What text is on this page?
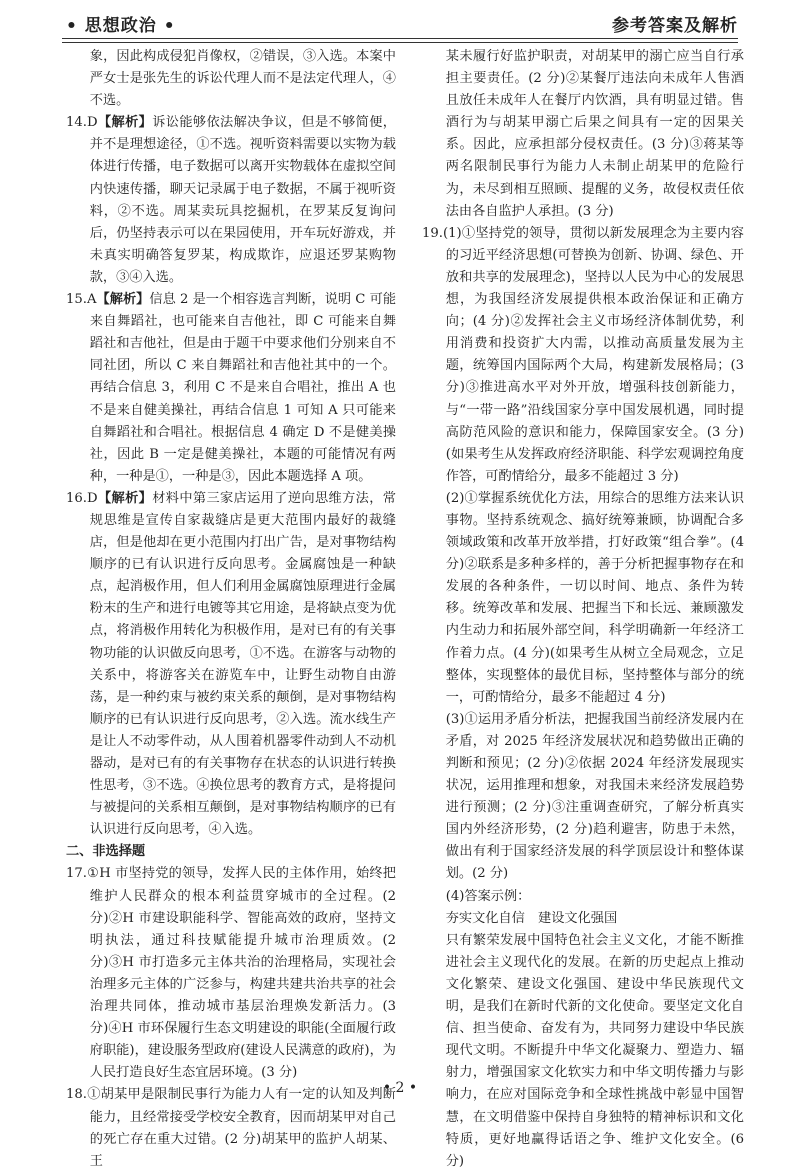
• 思想政治 •	参考答案及解析

象，因此构成侵犯肖像权，②错误，③入选。本案中严女士是张先生的诉讼代理人而不是法定代理人，④不选。

14.D【解析】诉讼能够依法解决争议，但是不够简便，并不是理想途径，①不选。视听资料需要以实物为载体进行传播，电子数据可以离开实物载体在虚拟空间内快速传播，聊天记录属于电子数据，不属于视听资料，②不选。周某卖玩具挖掘机，在罗某反复询问后，仍坚持表示可以在果园使用，开车玩好游戏，并未真实明确答复罗某，构成欺诈，应退还罗某购物款，③④入选。

15.A【解析】信息 2 是一个相容选言判断，说明 C 可能来自舞蹈社，也可能来自吉他社，即 C 可能来自舞蹈社和吉他社，但是由于题干中要求他们分别来自不同社团，所以 C 来自舞蹈社和吉他社其中的一个。再结合信息 3，利用 C 不是来自合唱社，推出 A 也不是来自健美操社，再结合信息 1 可知 A 只可能来自舞蹈社和合唱社。根据信息 4 确定 D 不是健美操社，因此 B 一定是健美操社，本题的可能情况有两种，一种是①，一种是③，因此本题选择 A 项。

16.D【解析】材料中第三家店运用了逆向思维方法，常规思维是宣传自家裁缝店是更大范围内最好的裁缝店，但是他却在更小范围内打出广告，是对事物结构顺序的已有认识进行反向思考。金属腐蚀是一种缺点，起消极作用，但人们利用金属腐蚀原理进行金属粉末的生产和进行电镀等其它用途，是将缺点变为优点，将消极作用转化为积极作用，是对已有的有关事物功能的认识做反向思考，①不选。在游客与动物的关系中，将游客关在游览车中，让野生动物自由游荡，是一种约束与被约束关系的颠倒，是对事物结构顺序的已有认识进行反向思考，②入选。流水线生产是让人不动零件动，从人围着机器零件动到人不动机器动，是对已有的有关事物存在状态的认识进行转换性思考，③不选。④换位思考的教育方式，是将提问与被提问的关系相互颠倒，是对事物结构顺序的已有认识进行反向思考，④入选。

二、非选择题

17.①H 市坚持党的领导，发挥人民的主体作用，始终把维护人民群众的根本利益贯穿城市的全过程。(2 分)②H 市建设职能科学、智能高效的政府，坚持文明执法，通过科技赋能提升城市治理质效。(2 分)③H 市打造多元主体共治的治理格局，实现社会治理多元主体的广泛参与，构建共建共治共享的社会治理共同体，推动城市基层治理焕发新活力。(3 分)④H 市环保履行生态文明建设的职能(全面履行政府职能)，建设服务型政府(建设人民满意的政府)，为人民打造良好生态宜居环境。(3 分)

18.①胡某甲是限制民事行为能力人有一定的认知及判断能力，且经常接受学校安全教育，因而胡某甲对自己的死亡存在重大过错。(2 分)胡某甲的监护人胡某、王

某未履行好监护职责，对胡某甲的溺亡应当自行承担主要责任。(2 分)②某餐厅违法向未成年人售酒且放任未成年人在餐厅内饮酒，具有明显过错。售酒行为与胡某甲溺亡后果之间具有一定的因果关系。因此，应承担部分侵权责任。(3 分)③蒋某等两名限制民事行为能力人未制止胡某甲的危险行为，未尽到相互照顾、提醒的义务，故侵权责任依法由各自监护人承担。(3 分)

19.(1)①坚持党的领导，贯彻以新发展理念为主要内容的习近平经济思想(可替换为创新、协调、绿色、开放和共享的发展理念)，坚持以人民为中心的发展思想，为我国经济发展提供根本政治保证和正确方向；(4 分)②发挥社会主义市场经济体制优势，利用消费和投资扩大内需，以推动高质量发展为主题，统筹国内国际两个大局，构建新发展格局；(3 分)③推进高水平对外开放，增强科技创新能力，与“一带一路”沿线国家分享中国发展机遇，同时提高防范风险的意识和能力，保障国家安全。(3 分)(如果考生从发挥政府经济职能、科学宏观调控角度作答，可酌情给分，最多不能超过 3 分)

(2)①掌握系统优化方法，用综合的思维方法来认识事物。坚持系统观念、搞好统筹兼顾，协调配合多领域政策和改革开放举措，打好政策“组合拳”。(4 分)②联系是多种多样的，善于分析把握事物存在和发展的各种条件，一切以时间、地点、条件为转移。统筹改革和发展、把握当下和长远、兼顾激发内生动力和拓展外部空间，科学明确新一年经济工作着力点。(4 分)(如果考生从树立全局观念，立足整体，实现整体的最优目标，坚持整体与部分的统一，可酌情给分，最多不能超过 4 分)

(3)①运用矛盾分析法，把握我国当前经济发展内在矛盾，对 2025 年经济发展状况和趋势做出正确的判断和预见；(2 分)②依据 2024 年经济发展现实状况，运用推理和想象，对我国未来经济发展趋势进行预测；(2 分)③注重调查研究，了解分析真实国内外经济形势，(2 分)趋利避害，防患于未然，做出有利于国家经济发展的科学顶层设计和整体谋划。(2 分)

(4)答案示例：

夯实文化自信　建设文化强国

只有繁荣发展中国特色社会主义文化，才能不断推进社会主义现代化的发展。在新的历史起点上推动文化繁荣、建设文化强国、建设中华民族现代文明，是我们在新时代新的文化使命。要坚定文化自信、担当使命、奋发有为，共同努力建设中华民族现代文明。不断提升中华文化凝聚力、塑造力、辐射力，增强国家文化软实力和中华文明传播力与影响力，在应对国际竞争和全球性挑战中彰显中国智慧，在文明借鉴中保持自身独特的精神标识和文化特质，更好地赢得话语之争、维护文化安全。(6 分)

• 2 •
